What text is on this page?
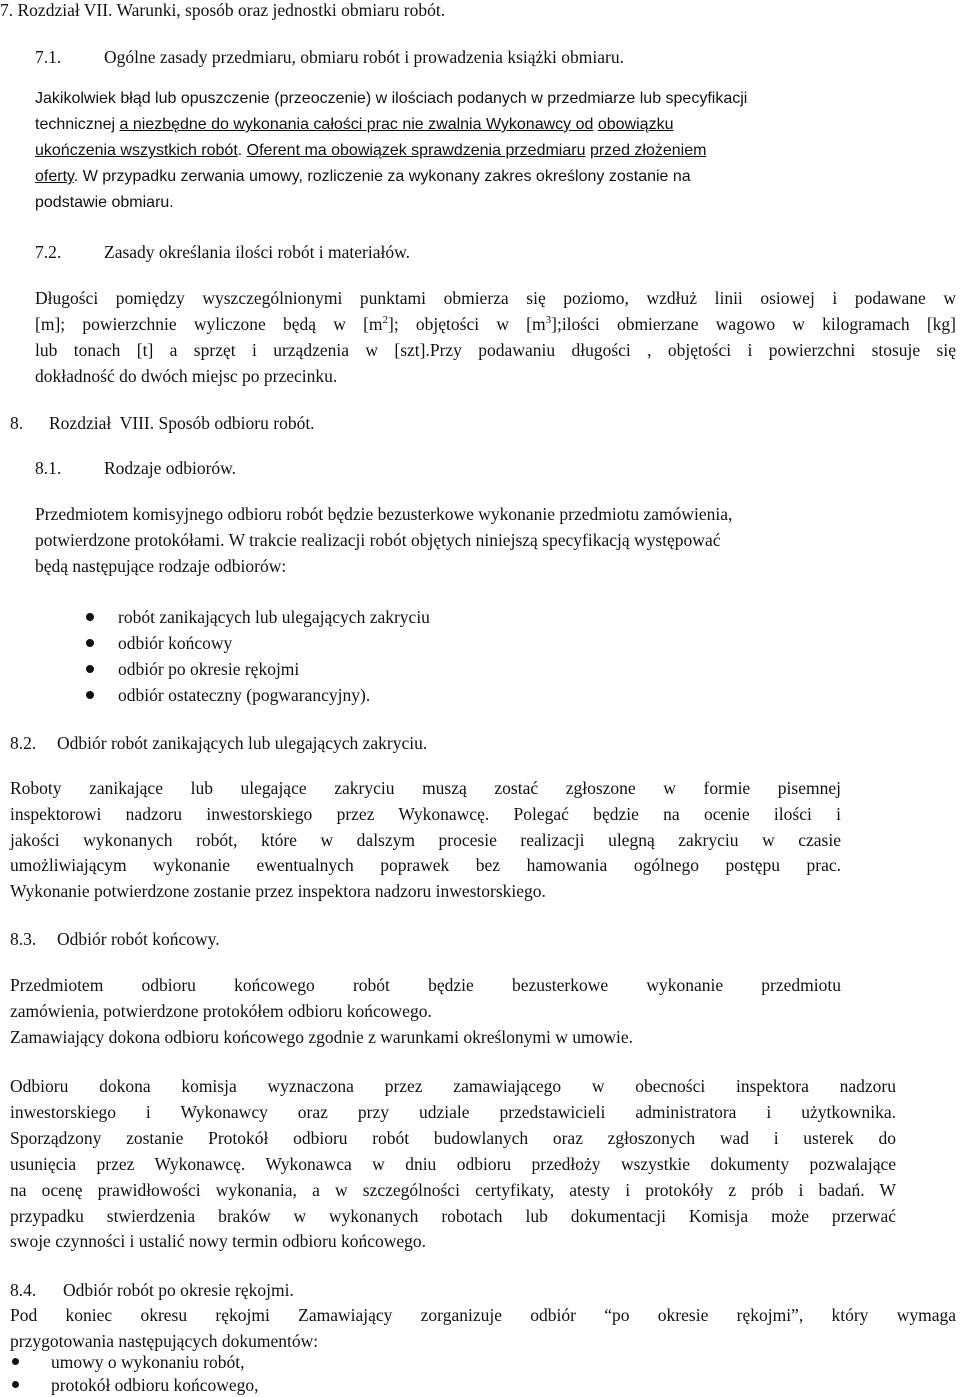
7. Rozdział VII. Warunki, sposób oraz jednostki obmiaru robót.
7.1. Ogólne zasady przedmiaru, obmiaru robót i prowadzenia książki obmiaru.
Jakikolwiek błąd lub opuszczenie (przeoczenie) w ilościach podanych w przedmiarze lub specyfikacji
technicznej a niezbędne do wykonania całości prac nie zwalnia Wykonawcy od obowiązku
ukończenia wszystkich robót. Oferent ma obowiązek sprawdzenia przedmiaru przed złożeniem
oferty. W przypadku zerwania umowy, rozliczenie za wykonany zakres określony zostanie na
podstawie obmiaru.
7.2. Zasady określania ilości robót i materiałów.
Długości pomiędzy wyszczególnionymi punktami obmierza się poziomo, wzdłuż linii osiowej i podawane w
[m]; powierzchnie wyliczone będą w $[m^2]$; objętości w $[m^3];ilości$ obmierzane wagowo w kilogramach [kg]
lub tonach [t] a sprzęt i urządzenia w [szt].Przy podawaniu długości , objętości i powierzchni stosuje się
dokładność do dwóch miejsc po przecinku.
8. Rozdział  VIII. Sposób odbioru robót.
8.1. Rodzaje odbiorów.
Przedmiotem komisyjnego odbioru robót będzie bezusterkowe wykonanie przedmiotu zamówienia,
potwierdzone protokółami. W trakcie realizacji robót objętych niniejszą specyfikacją występować
będą następujące rodzaje odbiorów:
robót zanikających lub ulegających zakryciu
odbiór końcowy
odbiór po okresie rękojmi
odbiór ostateczny (pogwarancyjny).
8.2. Odbiór robót zanikających lub ulegających zakryciu.
Roboty zanikające lub ulegające zakryciu muszą zostać zgłoszone w formie pisemnej
inspektorowi nadzoru inwestorskiego przez Wykonawcę. Polegać będzie na ocenie ilości i
jakości wykonanych robót, które w dalszym procesie realizacji ulegną zakryciu w czasie
umożliwiającym wykonanie ewentualnych poprawek bez hamowania ogólnego postępu prac.
Wykonanie potwierdzone zostanie przez inspektora nadzoru inwestorskiego.
8.3. Odbiór robót końcowy.
Przedmiotem odbioru końcowego robót będzie bezusterkowe wykonanie przedmiotu
zamówienia, potwierdzone protokółem odbioru końcowego.
Zamawiający dokona odbioru końcowego zgodnie z warunkami określonymi w umowie.
Odbioru dokona komisja wyznaczona przez zamawiającego w obecności inspektora nadzoru
inwestorskiego i Wykonawcy oraz przy udziale przedstawicieli administratora i użytkownika.
Sporządzony zostanie Protokół odbioru robót budowlanych oraz zgłoszonych wad i usterek do
usunięcia przez Wykonawcę. Wykonawca w dniu odbioru przedłoży wszystkie dokumenty pozwalające
na ocenę prawidłowości wykonania, a w szczególności certyfikaty, atesty i protokóły z prób i badań. W
przypadku stwierdzenia braków w wykonanych robotach lub dokumentacji Komisja może przerwać
swoje czynności i ustalić nowy termin odbioru końcowego.
8.4. Odbiór robót po okresie rękojmi.
Pod koniec okresu rękojmi Zamawiający zorganizuje odbiór “po okresie rękojmi”, który wymaga
przygotowania następujących dokumentów:
umowy o wykonaniu robót,
protokół odbioru końcowego,
